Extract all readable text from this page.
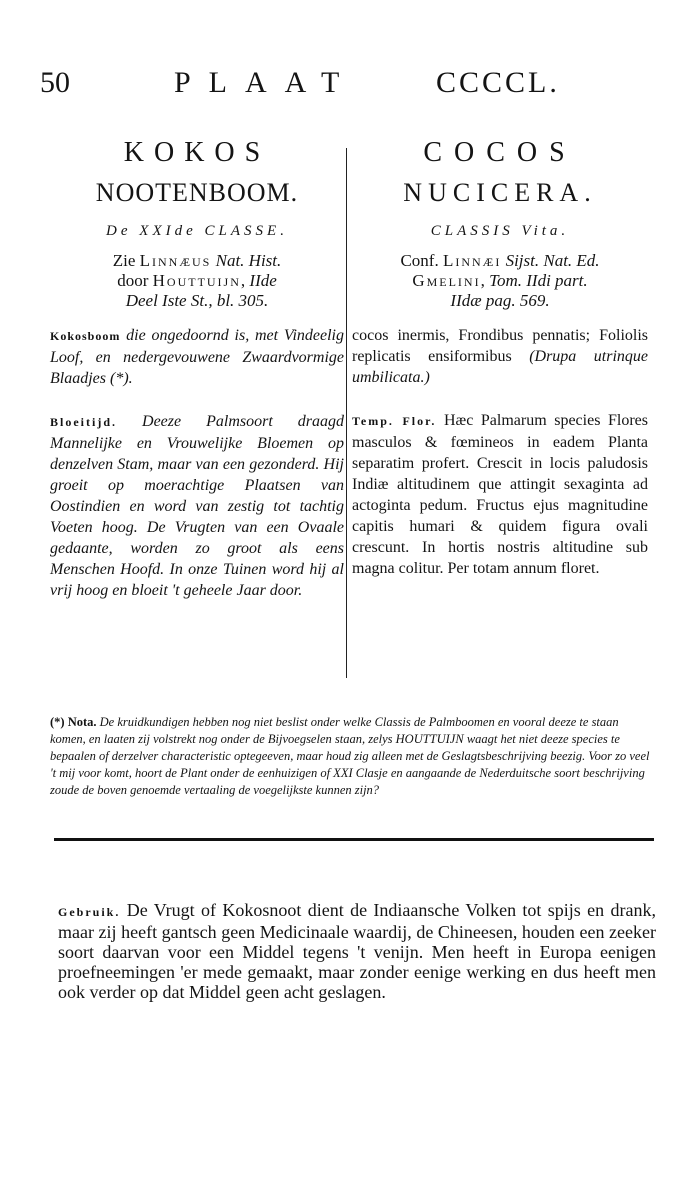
50	PLAAT	CCCCL.
KOKOS
NOOTENBOOM.
De XXIde CLASSE.
Zie Linnæus Nat. Hist.
door Houttuijn, IIde
Deel Iste St., bl. 305.
Kokosboom die ongedoornd is, met Vindeelig Loof, en nedergevouwene Zwaardvormige Blaadjes (*).
Bloeitijd. Deeze Palmsoort draagd Mannelijke en Vrouwelijke Bloemen op denzelven Stam, maar van een gezonderd. Hij groeit op moerachtige Plaatsen van Oostindien en word van zestig tot tachtig Voeten hoog. De Vrugten van een Ovaale gedaante, worden zo groot als eens Menschen Hoofd. In onze Tuinen word hij al vrij hoog en bloeit 't geheele Jaar door.
COCOS
NUCICERA.
CLASSIS Vita.
Conf. Linnæi Sijst. Nat. Ed.
Gmelini, Tom. IIdi part.
IIdæ pag. 569.
cocos inermis, Frondibus pennatis; Foliolis replicatis ensiformibus (Drupa utrinque umbilicata.)
Temp. Flor. Hæc Palmarum species Flores masculos & fœmineos in eadem Planta separatim profert. Crescit in locis paludosis Indiæ altitudinem que attingit sexaginta ad actoginta pedum. Fructus ejus magnitudine capitis humari & quidem figura ovali crescunt. In hortis nostris altitudine sub magna colitur. Per totam annum floret.
(*) Nota. De kruidkundigen hebben nog niet beslist onder welke Classis de Palmboomen en vooral deeze te staan komen, en laaten zij volstrekt nog onder de Bijvoegselen staan, zelys HOUTTUIJN waagt het niet deeze species te bepaalen of derzelver characteristic optegeeven, maar houd zig alleen met de Geslagtsbeschrijving beezig. Voor zo veel 't mij voor komt, hoort de Plant onder de eenhuizigen of XXI Clasje en aangaande de Nederduitsche soort beschrijving zoude de boven genoemde vertaaling de voegelijkste kunnen zijn?
Gebruik. De Vrugt of Kokosnoot dient de Indiaansche Volken tot spijs en drank, maar zij heeft gantsch geen Medicinaale waardij, de Chineesen, houden een zeeker soort daarvan voor een Middel tegens 't venijn. Men heeft in Europa eenigen proefneemingen 'er mede gemaakt, maar zonder eenige werking en dus heeft men ook verder op dat Middel geen acht geslagen.
